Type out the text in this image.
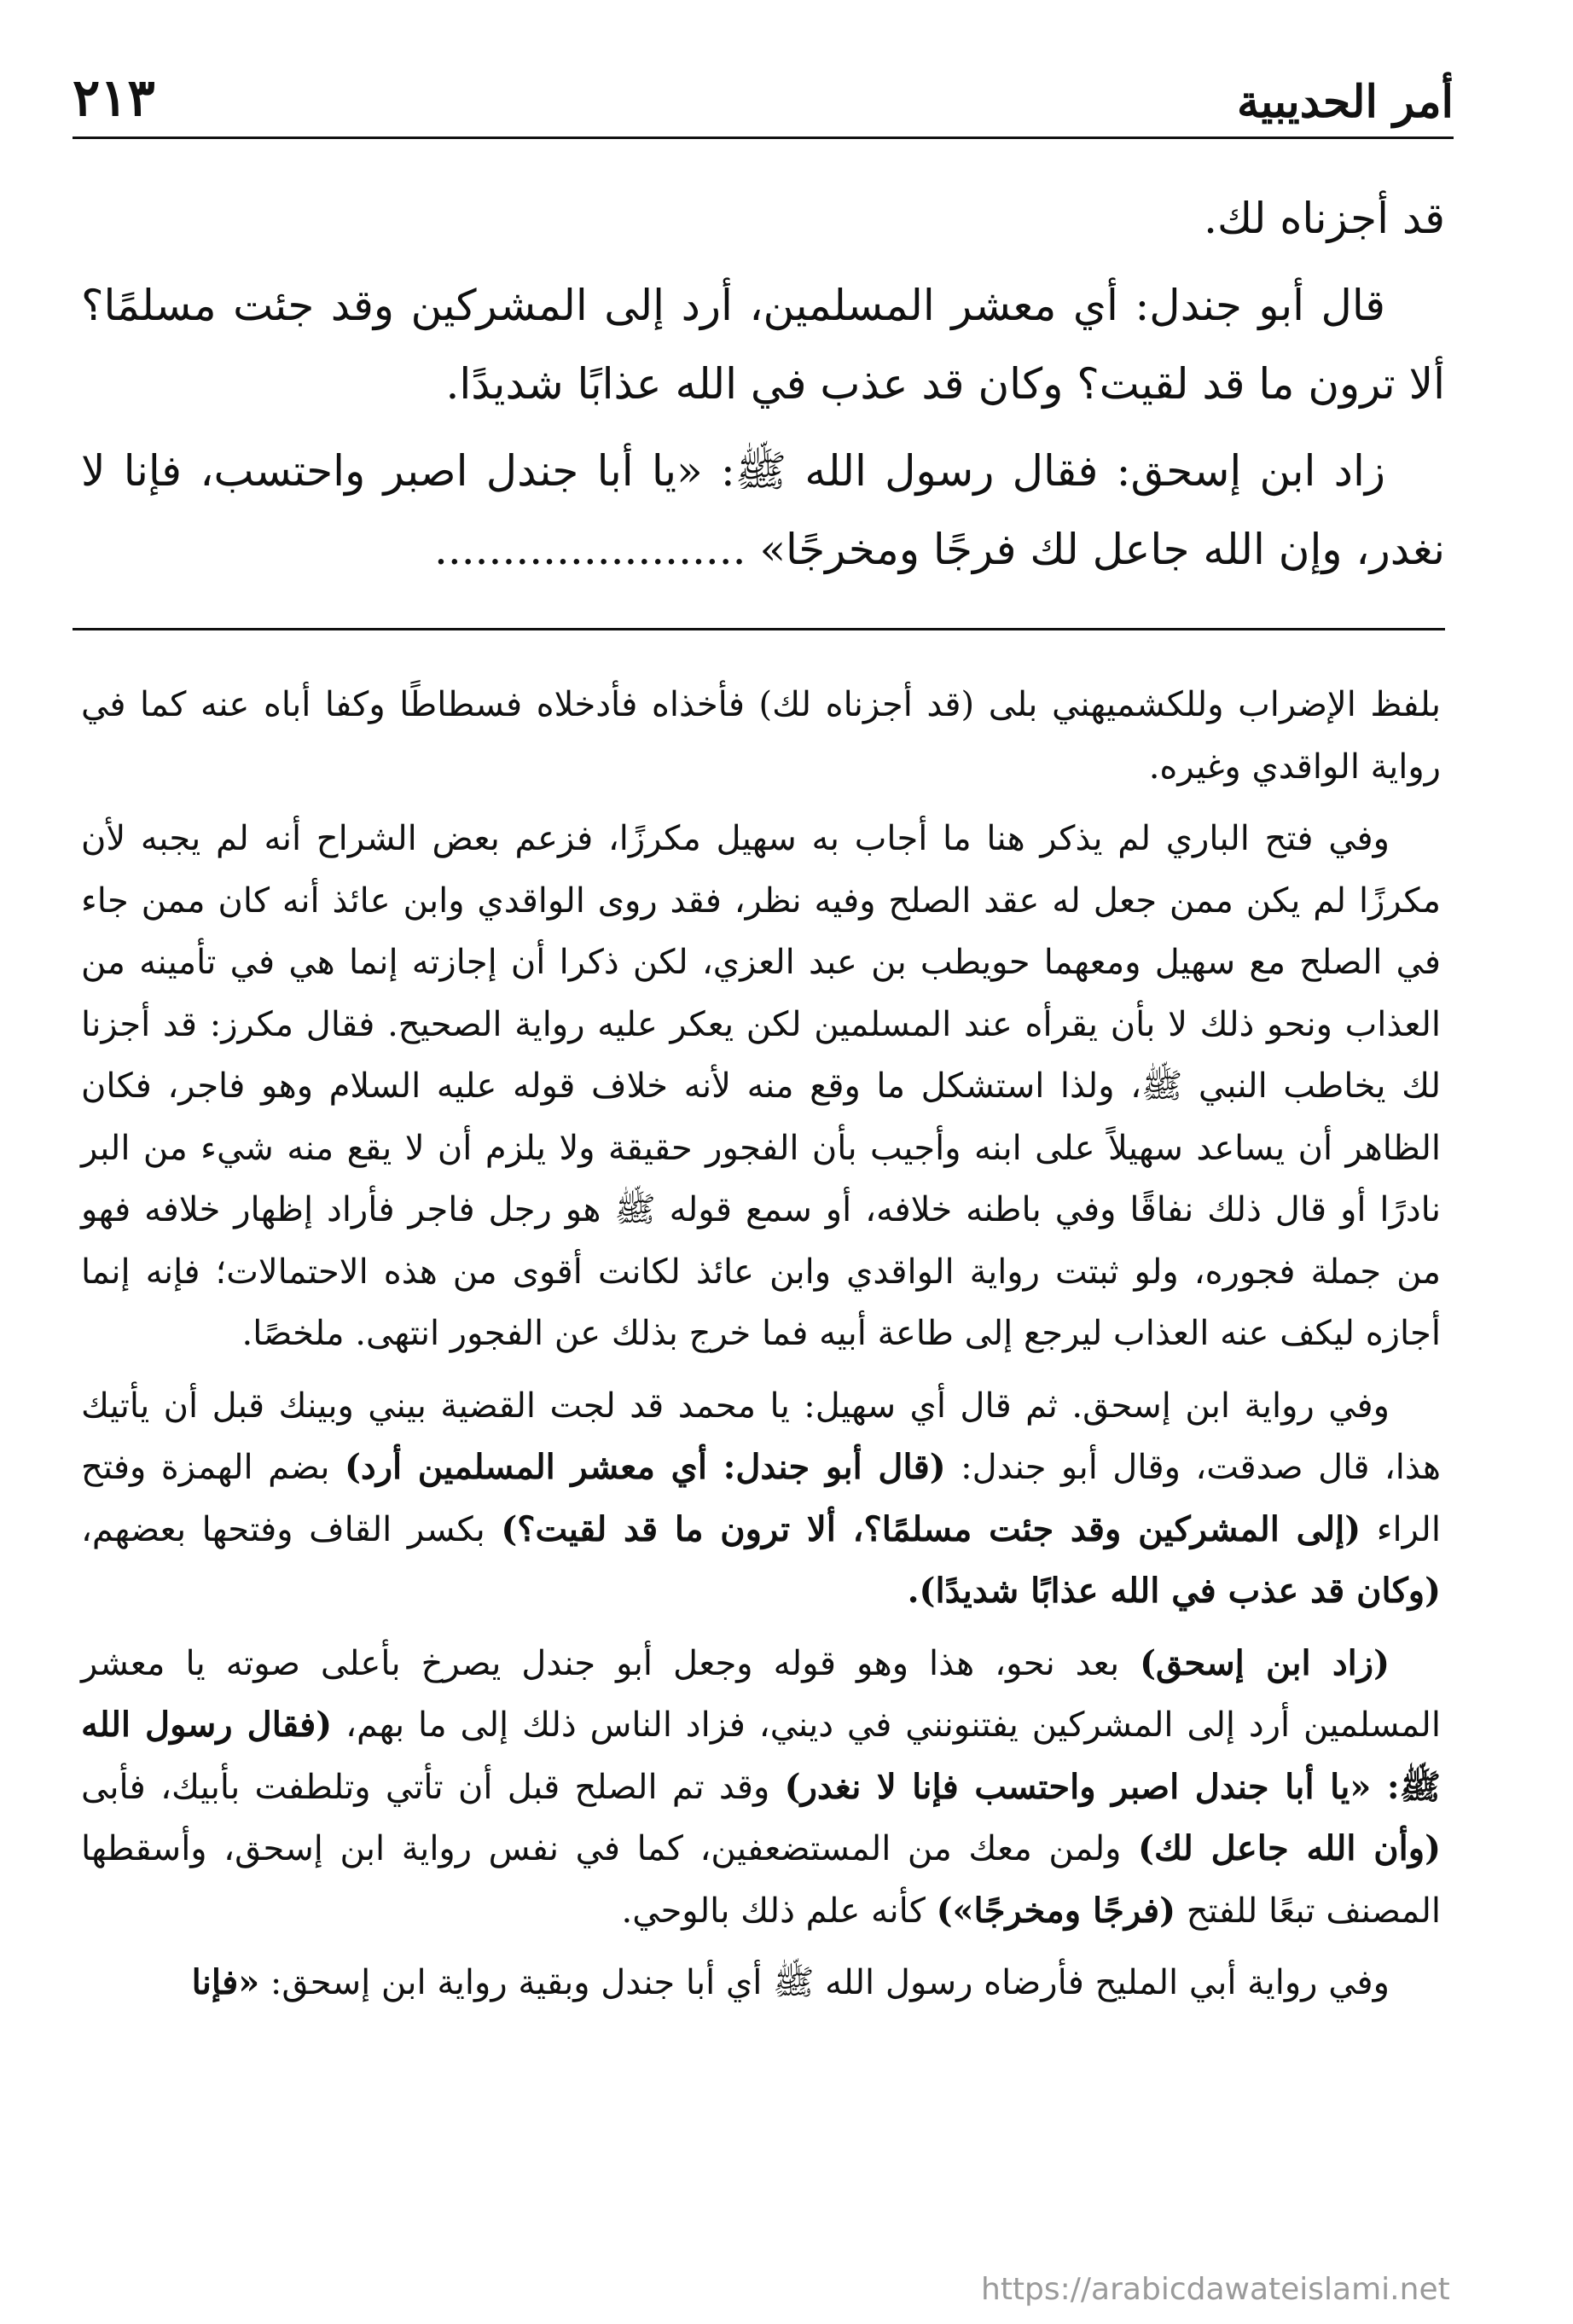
أمر الحديبية
٢١٣

قد أجزناه لك.

قال أبو جندل: أي معشر المسلمين، أرد إلى المشركين وقد جئت مسلمًا؟ ألا ترون ما قد لقيت؟ وكان قد عذب في الله عذابًا شديدًا.

زاد ابن إسحق: فقال رسول الله ﷺ: «يا أبا جندل اصبر واحتسب، فإنا لا نغدر، وإن الله جاعل لك فرجًا ومخرجًا» .......................

بلفظ الإضراب وللكشميهني بلى (قد أجزناه لك) فأخذاه فأدخلاه فسطاطًا وكفا أباه عنه كما في رواية الواقدي وغيره.

وفي فتح الباري لم يذكر هنا ما أجاب به سهيل مكرزًا، فزعم بعض الشراح أنه لم يجبه لأن مكرزًا لم يكن ممن جعل له عقد الصلح وفيه نظر، فقد روى الواقدي وابن عائذ أنه كان ممن جاء في الصلح مع سهيل ومعهما حويطب بن عبد العزي، لكن ذكرا أن إجازته إنما هي في تأمينه من العذاب ونحو ذلك لا بأن يقرأه عند المسلمين لكن يعكر عليه رواية الصحيح. فقال مكرز: قد أجزنا لك يخاطب النبي ﷺ، ولذا استشكل ما وقع منه لأنه خلاف قوله عليه السلام وهو فاجر، فكان الظاهر أن يساعد سهيلاً على ابنه وأجيب بأن الفجور حقيقة ولا يلزم أن لا يقع منه شيء من البر نادرًا أو قال ذلك نفاقًا وفي باطنه خلافه، أو سمع قوله ﷺ هو رجل فاجر فأراد إظهار خلافه فهو من جملة فجوره، ولو ثبتت رواية الواقدي وابن عائذ لكانت أقوى من هذه الاحتمالات؛ فإنه إنما أجازه ليكف عنه العذاب ليرجع إلى طاعة أبيه فما خرج بذلك عن الفجور انتهى. ملخصًا.

وفي رواية ابن إسحق. ثم قال أي سهيل: يا محمد قد لجت القضية بيني وبينك قبل أن يأتيك هذا، قال صدقت، وقال أبو جندل: (قال أبو جندل: أي معشر المسلمين أرد) بضم الهمزة وفتح الراء (إلى المشركين وقد جئت مسلمًا؟، ألا ترون ما قد لقيت؟) بكسر القاف وفتحها بعضهم، (وكان قد عذب في الله عذابًا شديدًا).

(زاد ابن إسحق) بعد نحو، هذا وهو قوله وجعل أبو جندل يصرخ بأعلى صوته يا معشر المسلمين أرد إلى المشركين يفتنونني في ديني، فزاد الناس ذلك إلى ما بهم، (فقال رسول الله ﷺ: «يا أبا جندل اصبر واحتسب فإنا لا نغدر) وقد تم الصلح قبل أن تأتي وتلطفت بأبيك، فأبى (وأن الله جاعل لك) ولمن معك من المستضعفين، كما في نفس رواية ابن إسحق، وأسقطها المصنف تبعًا للفتح (فرجًا ومخرجًا») كأنه علم ذلك بالوحي.

وفي رواية أبي المليح فأرضاه رسول الله ﷺ أي أبا جندل وبقية رواية ابن إسحق: «فإنا

https://arabicdawateislami.net
